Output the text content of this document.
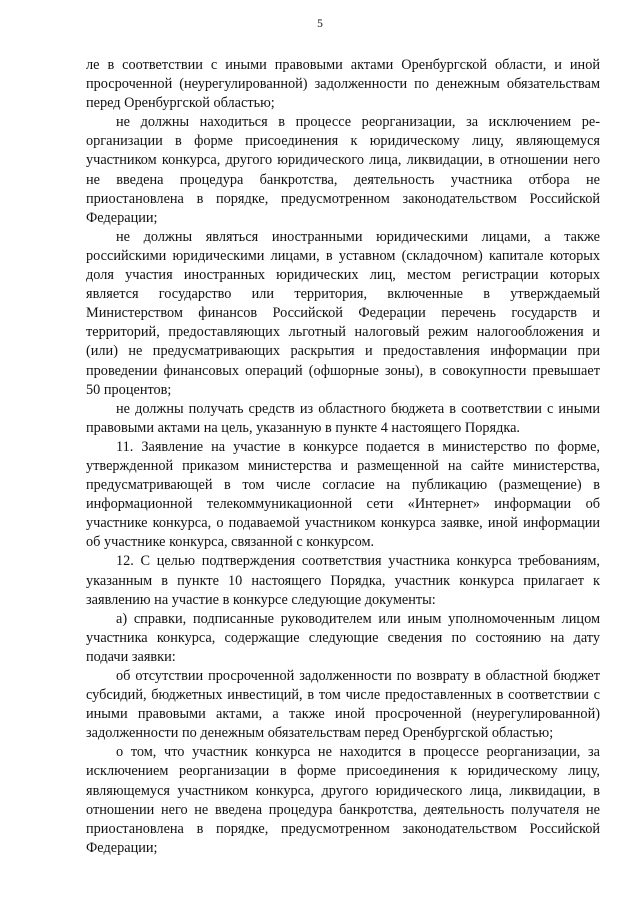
5

ле в соответствии с иными правовыми актами Оренбургской области, и иной просроченной (неурегулированной) задолженности по денежным обязательствам перед Оренбургской областью;

не должны находиться в процессе реорганизации, за исключением реорганизации в форме присоединения к юридическому лицу, являющемуся участником конкурса, другого юридического лица, ликвидации, в отношении него не введена процедура банкротства, деятельность участника отбора не приостановлена в порядке, предусмотренном законодательством Российской Федерации;

не должны являться иностранными юридическими лицами, а также российскими юридическими лицами, в уставном (складочном) капитале которых доля участия иностранных юридических лиц, местом регистрации которых является государство или территория, включенные в утверждаемый Министерством финансов Российской Федерации перечень государств и территорий, предоставляющих льготный налоговый режим налогообложения и (или) не предусматривающих раскрытия и предоставления информации при проведении финансовых операций (офшорные зоны), в совокупности превышает 50 процентов;

не должны получать средств из областного бюджета в соответствии с иными правовыми актами на цель, указанную в пункте 4 настоящего Порядка.

11. Заявление на участие в конкурсе подается в министерство по форме, утвержденной приказом министерства и размещенной на сайте министерства, предусматривающей в том числе согласие на публикацию (размещение) в информационной телекоммуникационной сети «Интернет» информации об участнике конкурса, о подаваемой участником конкурса заявке, иной информации об участнике конкурса, связанной с конкурсом.

12. С целью подтверждения соответствия участника конкурса требованиям, указанным в пункте 10 настоящего Порядка, участник конкурса прилагает к заявлению на участие в конкурсе следующие документы:

а) справки, подписанные руководителем или иным уполномоченным лицом участника конкурса, содержащие следующие сведения по состоянию на дату подачи заявки:

об отсутствии просроченной задолженности по возврату в областной бюджет субсидий, бюджетных инвестиций, в том числе предоставленных в соответствии с иными правовыми актами, а также иной просроченной (неурегулированной) задолженности по денежным обязательствам перед Оренбургской областью;

о том, что участник конкурса не находится в процессе реорганизации, за исключением реорганизации в форме присоединения к юридическому лицу, являющемуся участником конкурса, другого юридического лица, ликвидации, в отношении него не введена процедура банкротства, деятельность получателя не приостановлена в порядке, предусмотренном законодательством Российской Федерации;
